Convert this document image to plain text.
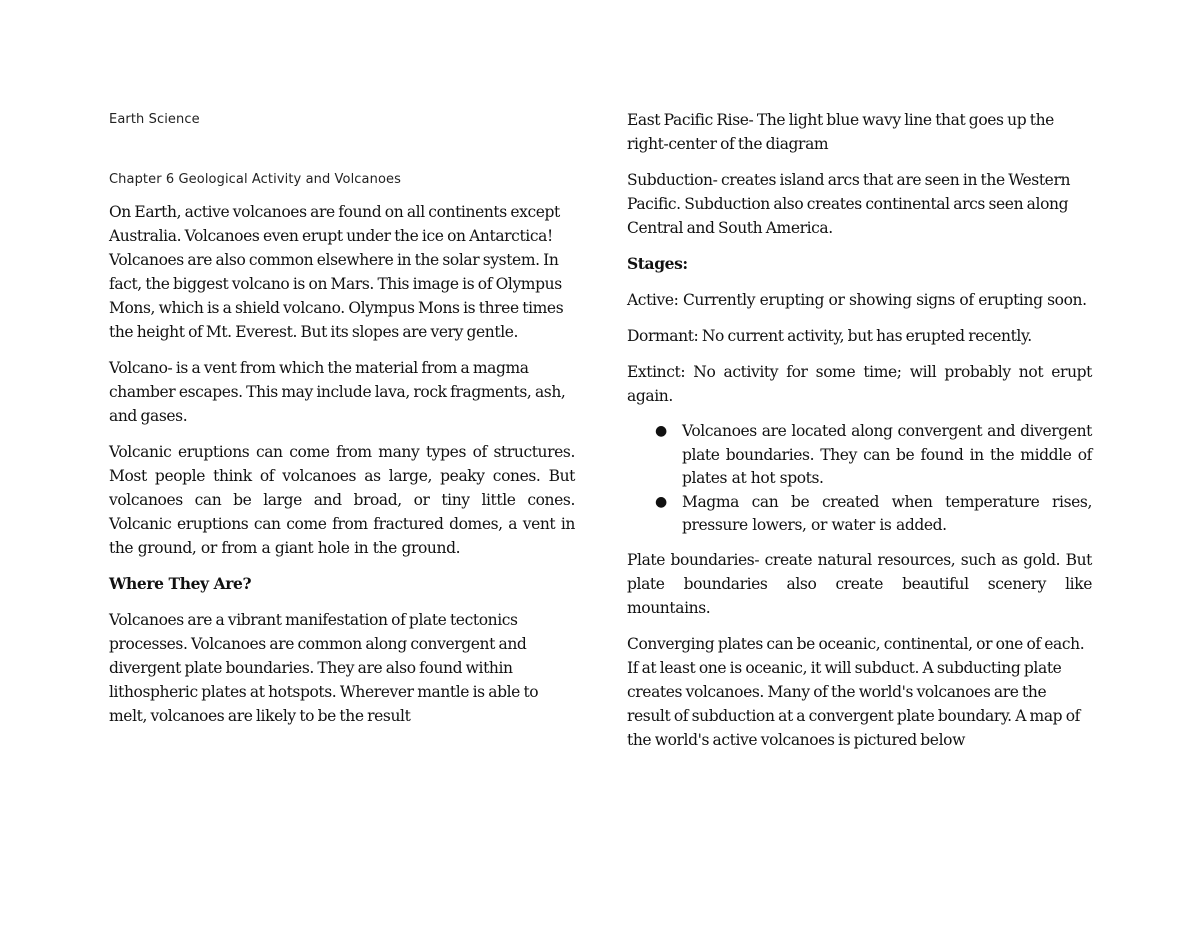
Earth Science
Chapter 6 Geological Activity and Volcanoes

On Earth, active volcanoes are found on all continents except Australia. Volcanoes even erupt under the ice on Antarctica! Volcanoes are also common elsewhere in the solar system. In fact, the biggest volcano is on Mars. This image is of Olympus Mons, which is a shield volcano. Olympus Mons is three times the height of Mt. Everest. But its slopes are very gentle.

Volcano- is a vent from which the material from a magma chamber escapes. This may include lava, rock fragments, ash, and gases.

Volcanic eruptions can come from many types of structures. Most people think of volcanoes as large, peaky cones. But volcanoes can be large and broad, or tiny little cones. Volcanic eruptions can come from fractured domes, a vent in the ground, or from a giant hole in the ground.

Where They Are?

Volcanoes are a vibrant manifestation of plate tectonics processes. Volcanoes are common along convergent and divergent plate boundaries. They are also found within lithospheric plates at hotspots. Wherever mantle is able to melt, volcanoes are likely to be the result

East Pacific Rise- The light blue wavy line that goes up the right-center of the diagram

Subduction- creates island arcs that are seen in the Western Pacific. Subduction also creates continental arcs seen along Central and South America.

Stages:

Active: Currently erupting or showing signs of erupting soon.

Dormant: No current activity, but has erupted recently.

Extinct: No activity for some time; will probably not erupt again.

● Volcanoes are located along convergent and divergent plate boundaries. They can be found in the middle of plates at hot spots.
● Magma can be created when temperature rises, pressure lowers, or water is added.

Plate boundaries- create natural resources, such as gold. But plate boundaries also create beautiful scenery like mountains.

Converging plates can be oceanic, continental, or one of each. If at least one is oceanic, it will subduct. A subducting plate creates volcanoes. Many of the world's volcanoes are the result of subduction at a convergent plate boundary. A map of the world's active volcanoes is pictured below
